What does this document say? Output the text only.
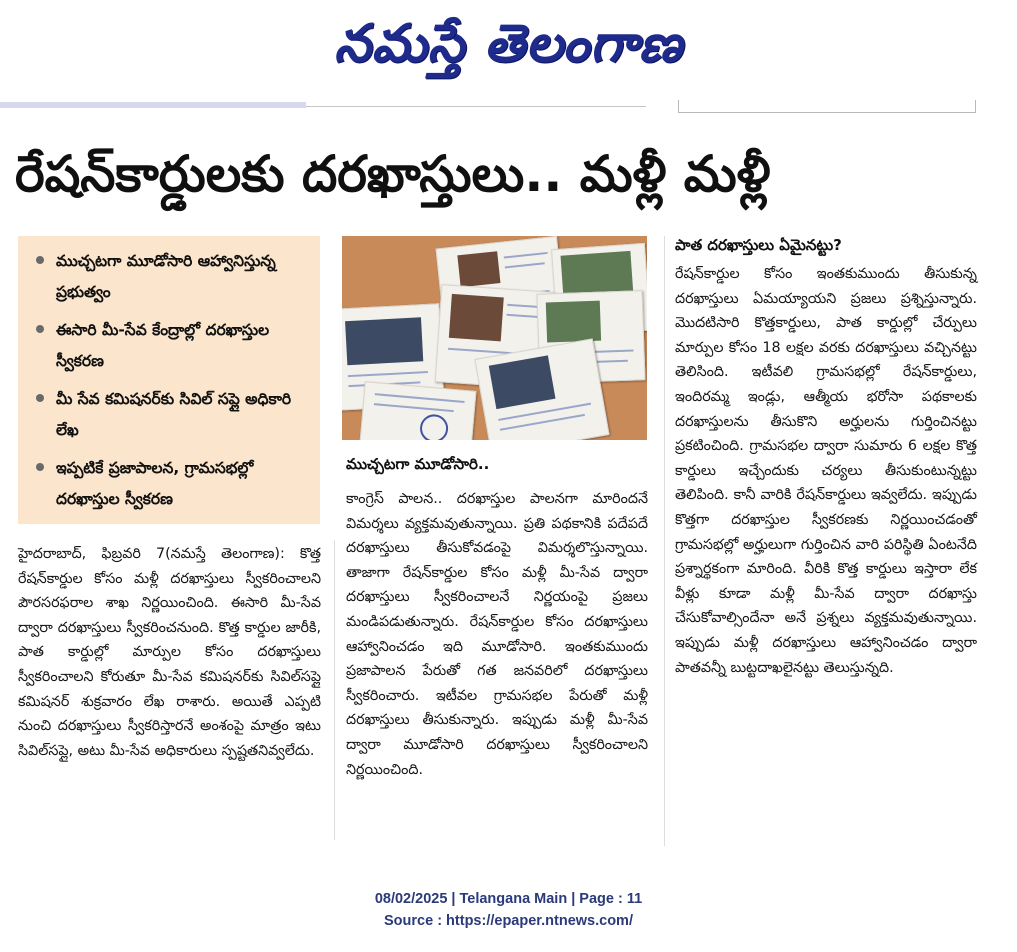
నమస్తే తెలంగాణ
రేషన్‌కార్డులకు దరఖాస్తులు.. మళ్లీ మళ్లీ
ముచ్చటగా మూడోసారి ఆహ్వానిస్తున్న ప్రభుత్వం
ఈసారి మీ-సేవ కేంద్రాల్లో దరఖాస్తుల స్వీకరణ
మీ సేవ కమిషనర్‌కు సివిల్ సప్లై అధికారి లేఖ
ఇప్పటికే ప్రజాపాలన, గ్రామసభల్లో దరఖాస్తుల స్వీకరణ
ముచ్చటగా మూడోసారి..
హైదరాబాద్, ఫిబ్రవరి 7(నమస్తే తెలంగాణ): కొత్త రేషన్‌కార్డుల కోసం మళ్లీ దరఖాస్తులు స్వీకరించాలని పౌరసరఫరాల శాఖ నిర్ణయించింది. ఈసారి మీ-సేవ ద్వారా దరఖాస్తులు స్వీకరించనుంది. కొత్త కార్డుల జారీకి, పాత కార్డుల్లో మార్పుల కోసం దరఖాస్తులు స్వీకరించాలని కోరుతూ మీ-సేవ కమిషనర్‌కు సివిల్‌సప్లై కమిషనర్ శుక్రవారం లేఖ రాశారు. అయితే ఎప్పటి నుంచి దరఖాస్తులు స్వీకరిస్తారనే అంశంపై మాత్రం ఇటు సివిల్‌సప్లై, అటు మీ-సేవ అధికారులు స్పష్టతనివ్వలేదు.
కాంగ్రెస్ పాలన.. దరఖాస్తుల పాలనగా మారిందనే విమర్శలు వ్యక్తమవుతున్నాయి. ప్రతి పథకానికి పదేపదే దరఖాస్తులు తీసుకోవడంపై విమర్శలొస్తున్నాయి. తాజాగా రేషన్‌కార్డుల కోసం మళ్లీ మీ-సేవ ద్వారా దరఖాస్తులు స్వీకరించాలనే నిర్ణయంపై ప్రజలు మండిపడుతున్నారు. రేషన్‌కార్డుల కోసం దరఖాస్తులు ఆహ్వానించడం ఇది మూడోసారి. ఇంతకుముందు ప్రజాపాలన పేరుతో గత జనవరిలో దరఖాస్తులు స్వీకరించారు. ఇటీవల గ్రామసభల పేరుతో మళ్లీ దరఖాస్తులు తీసుకున్నారు. ఇప్పుడు మళ్లీ మీ-సేవ ద్వారా మూడోసారి దరఖాస్తులు స్వీకరించాలని నిర్ణయించింది.
పాత దరఖాస్తులు ఏమైనట్టు?
రేషన్‌కార్డుల కోసం ఇంతకుముందు తీసుకున్న దరఖాస్తులు ఏమయ్యాయని ప్రజలు ప్రశ్నిస్తున్నారు. మొదటిసారి కొత్తకార్డులు, పాత కార్డుల్లో చేర్పులు మార్పుల కోసం 18 లక్షల వరకు దరఖాస్తులు వచ్చినట్టు తెలిసింది. ఇటీవలి గ్రామసభల్లో రేషన్‌కార్డులు, ఇందిరమ్మ ఇండ్లు, ఆత్మీయ భరోసా పథకాలకు దరఖాస్తులను తీసుకొని అర్హులను గుర్తించినట్టు ప్రకటించింది. గ్రామసభల ద్వారా సుమారు 6 లక్షల కొత్త కార్డులు ఇచ్చేందుకు చర్యలు తీసుకుంటున్నట్టు తెలిపింది. కానీ వారికి రేషన్‌కార్డులు ఇవ్వలేదు. ఇప్పుడు కొత్తగా దరఖాస్తుల స్వీకరణకు నిర్ణయించడంతో గ్రామసభల్లో అర్హులుగా గుర్తించిన వారి పరిస్థితి ఏంటనేది ప్రశ్నార్థకంగా మారింది. వీరికి కొత్త కార్డులు ఇస్తారా లేక వీళ్లు కూడా మళ్లీ మీ-సేవ ద్వారా దరఖాస్తు చేసుకోవాల్సిందేనా అనే ప్రశ్నలు వ్యక్తమవుతున్నాయి. ఇప్పుడు మళ్లీ దరఖాస్తులు ఆహ్వానించడం ద్వారా పాతవన్నీ బుట్టదాఖలైనట్టు తెలుస్తున్నది.
08/02/2025 | Telangana Main | Page : 11
Source : https://epaper.ntnews.com/
